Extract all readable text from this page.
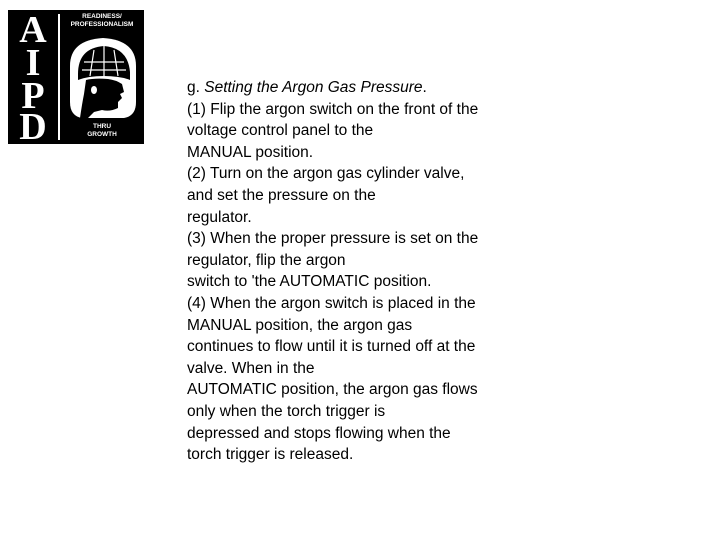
A
I
P
D
READINESS/
PROFESSIONALISM
THRU
GROWTH
g. Setting the Argon Gas Pressure.
(1) Flip the argon switch on the front of the
voltage control panel to the
MANUAL position.
(2) Turn on the argon gas cylinder valve,
and set the pressure on the
regulator.
(3) When the proper pressure is set on the
regulator, flip the argon
switch to 'the AUTOMATIC position.
(4) When the argon switch is placed in the
MANUAL position, the argon gas
continues to flow until it is turned off at the
valve. When in the
AUTOMATIC position, the argon gas flows
only when the torch trigger is
depressed and stops flowing when the
torch trigger is released.
